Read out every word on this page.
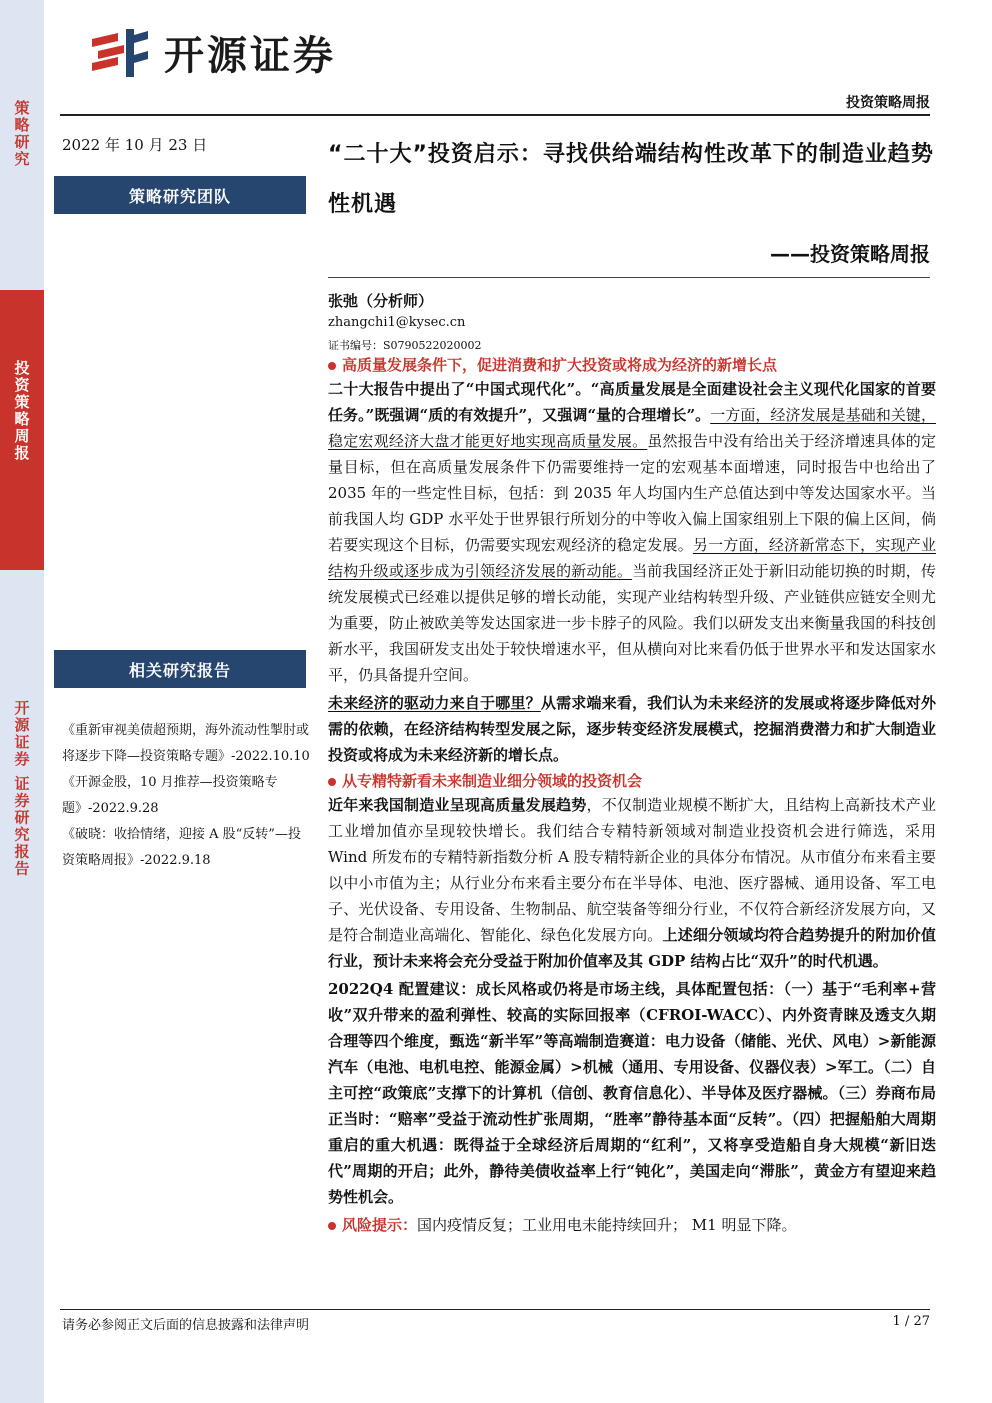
策略研究
投资策略周报
开源证券 证券研究报告
开源证券
投资策略周报
2022 年 10 月 23 日
策略研究团队
相关研究报告
《重新审视美债超预期，海外流动性掣肘或将逐步下降—投资策略专题》-2022.10.10
《开源金股，10 月推荐—投资策略专题》-2022.9.28
《破晓：收拾情绪，迎接 A 股“反转”—投资策略周报》-2022.9.18
“二十大”投资启示：寻找供给端结构性改革下的制造业趋势性机遇
——投资策略周报
张弛（分析师）
zhangchi1@kysec.cn
证书编号：S0790522020002
高质量发展条件下，促进消费和扩大投资或将成为经济的新增长点
二十大报告中提出了“中国式现代化”。“高质量发展是全面建设社会主义现代化国家的首要任务。”既强调“质的有效提升”，又强调“量的合理增长”。一方面，经济发展是基础和关键，稳定宏观经济大盘才能更好地实现高质量发展。虽然报告中没有给出关于经济增速具体的定量目标，但在高质量发展条件下仍需要维持一定的宏观基本面增速，同时报告中也给出了 2035 年的一些定性目标，包括：到 2035 年人均国内生产总值达到中等发达国家水平。当前我国人均 GDP 水平处于世界银行所划分的中等收入偏上国家组别上下限的偏上区间，倘若要实现这个目标，仍需要实现宏观经济的稳定发展。另一方面，经济新常态下，实现产业结构升级或逐步成为引领经济发展的新动能。当前我国经济正处于新旧动能切换的时期，传统发展模式已经难以提供足够的增长动能，实现产业结构转型升级、产业链供应链安全则尤为重要，防止被欧美等发达国家进一步卡脖子的风险。我们以研发支出来衡量我国的科技创新水平，我国研发支出处于较快增速水平，但从横向对比来看仍低于世界水平和发达国家水平，仍具备提升空间。
未来经济的驱动力来自于哪里？从需求端来看，我们认为未来经济的发展或将逐步降低对外需的依赖，在经济结构转型发展之际，逐步转变经济发展模式，挖掘消费潜力和扩大制造业投资或将成为未来经济新的增长点。
从专精特新看未来制造业细分领域的投资机会
近年来我国制造业呈现高质量发展趋势，不仅制造业规模不断扩大，且结构上高新技术产业工业增加值亦呈现较快增长。我们结合专精特新领域对制造业投资机会进行筛选，采用 Wind 所发布的专精特新指数分析 A 股专精特新企业的具体分布情况。从市值分布来看主要以中小市值为主；从行业分布来看主要分布在半导体、电池、医疗器械、通用设备、军工电子、光伏设备、专用设备、生物制品、航空装备等细分行业，不仅符合新经济发展方向，又是符合制造业高端化、智能化、绿色化发展方向。上述细分领域均符合趋势提升的附加价值行业，预计未来将会充分受益于附加价值率及其 GDP 结构占比“双升”的时代机遇。
2022Q4 配置建议：成长风格或仍将是市场主线，具体配置包括：（一）基于“毛利率+营收”双升带来的盈利弹性、较高的实际回报率（CFROI-WACC）、内外资青睐及透支久期合理等四个维度，甄选“新半军”等高端制造赛道：电力设备（储能、光伏、风电）>新能源汽车（电池、电机电控、能源金属）>机械（通用、专用设备、仪器仪表）>军工。（二）自主可控“政策底”支撑下的计算机（信创、教育信息化）、半导体及医疗器械。（三）券商布局正当时：“赔率”受益于流动性扩张周期，“胜率”静待基本面“反转”。（四）把握船舶大周期重启的重大机遇：既得益于全球经济后周期的“红利”，又将享受造船自身大规模“新旧迭代”周期的开启；此外，静待美债收益率上行“钝化”，美国走向“滞胀”，黄金方有望迎来趋势性机会。
风险提示：国内疫情反复；工业用电未能持续回升； M1 明显下降。
请务必参阅正文后面的信息披露和法律声明	1 / 27
